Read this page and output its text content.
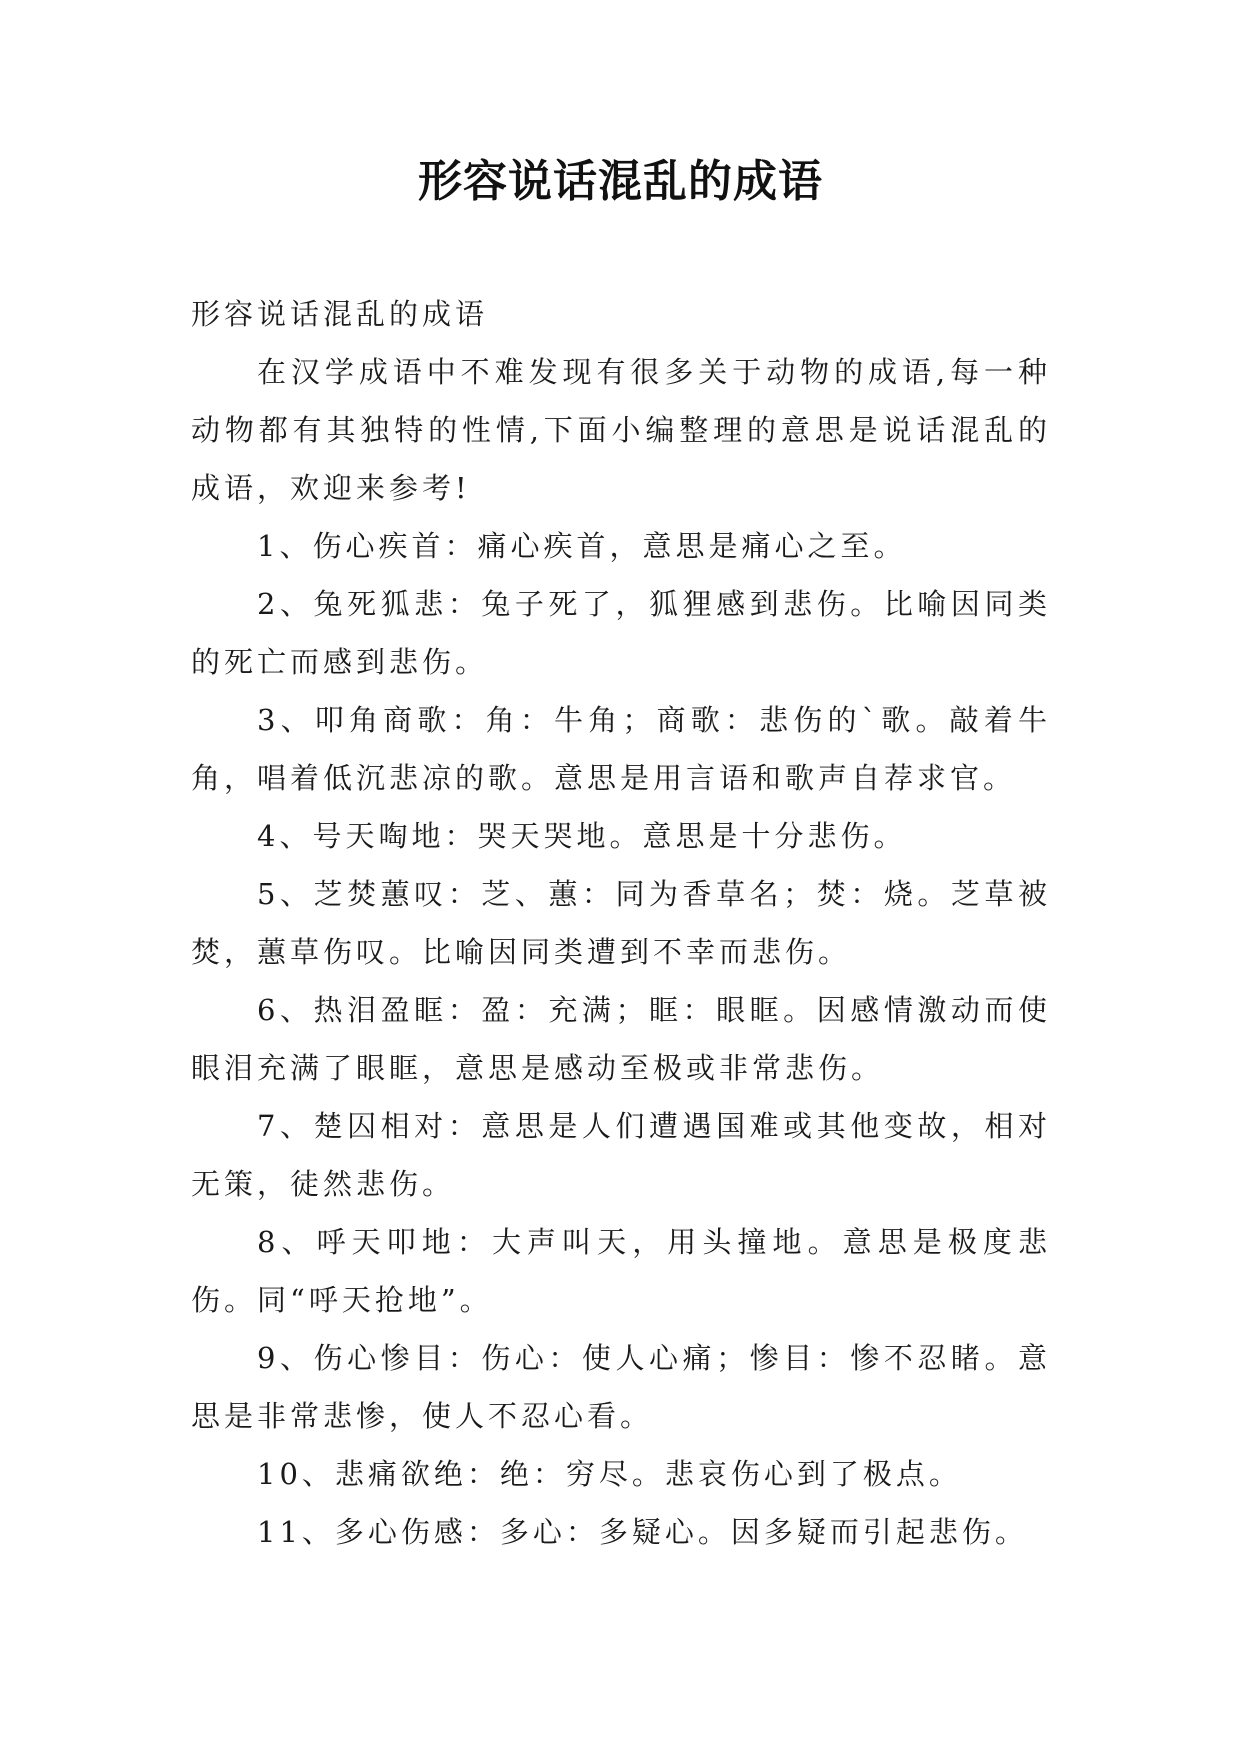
形容说话混乱的成语

形容说话混乱的成语

在汉学成语中不难发现有很多关于动物的成语,每一种动物都有其独特的性情,下面小编整理的意思是说话混乱的成语，欢迎来参考!

1、伤心疾首：痛心疾首，意思是痛心之至。

2、兔死狐悲：兔子死了，狐狸感到悲伤。比喻因同类的死亡而感到悲伤。

3、叩角商歌：角：牛角；商歌：悲伤的`歌。敲着牛角，唱着低沉悲凉的歌。意思是用言语和歌声自荐求官。

4、号天啕地：哭天哭地。意思是十分悲伤。

5、芝焚蕙叹：芝、蕙：同为香草名；焚：烧。芝草被焚，蕙草伤叹。比喻因同类遭到不幸而悲伤。

6、热泪盈眶：盈：充满；眶：眼眶。因感情激动而使眼泪充满了眼眶，意思是感动至极或非常悲伤。

7、楚囚相对：意思是人们遭遇国难或其他变故，相对无策，徒然悲伤。

8、呼天叩地：大声叫天，用头撞地。意思是极度悲伤。同“呼天抢地”。

9、伤心惨目：伤心：使人心痛；惨目：惨不忍睹。意思是非常悲惨，使人不忍心看。

10、悲痛欲绝：绝：穷尽。悲哀伤心到了极点。

11、多心伤感：多心：多疑心。因多疑而引起悲伤。
